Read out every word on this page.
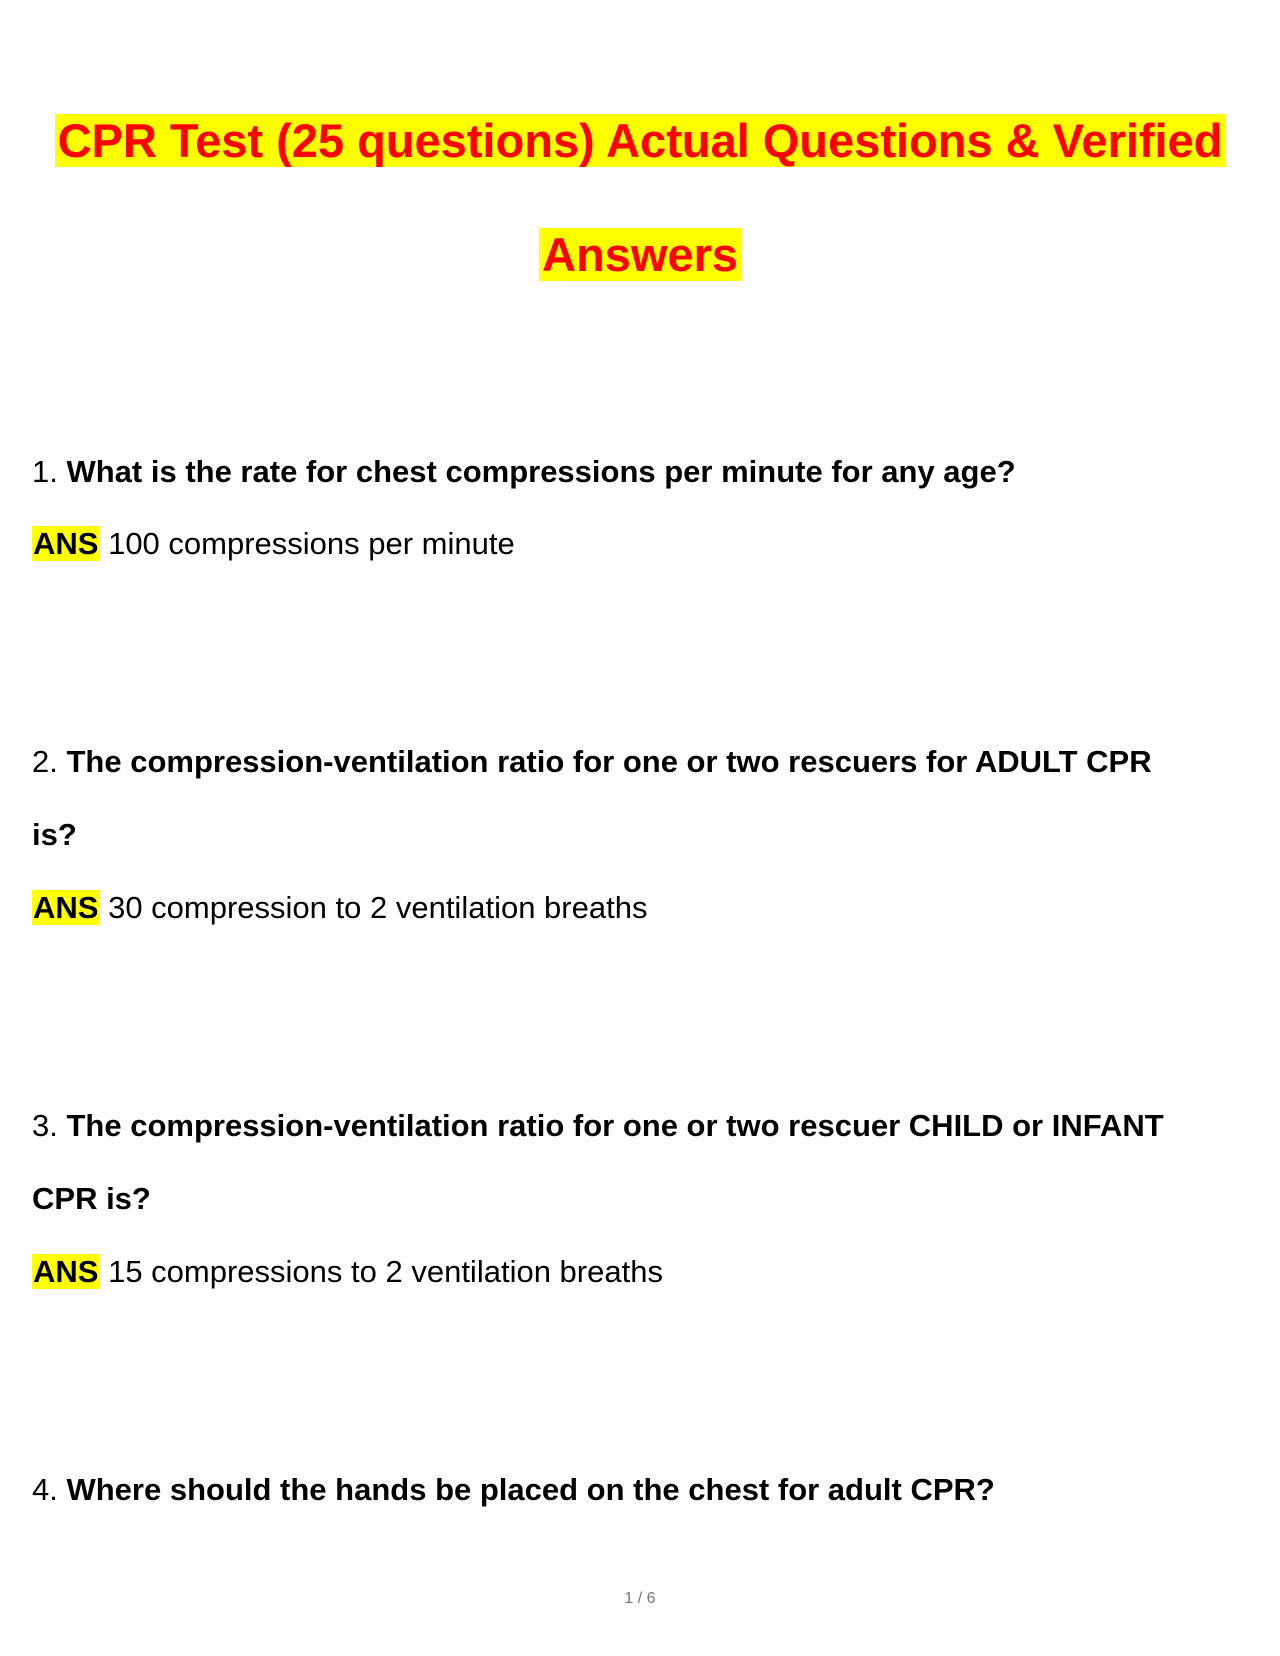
CPR Test (25 questions) Actual Questions & Verified
Answers
1. What is the rate for chest compressions per minute for any age?
ANS 100 compressions per minute
2. The compression-ventilation ratio for one or two rescuers for ADULT CPR
is?
ANS 30 compression to 2 ventilation breaths
3. The compression-ventilation ratio for one or two rescuer CHILD or INFANT
CPR is?
ANS 15 compressions to 2 ventilation breaths
4. Where should the hands be placed on the chest for adult CPR?
1 / 6
